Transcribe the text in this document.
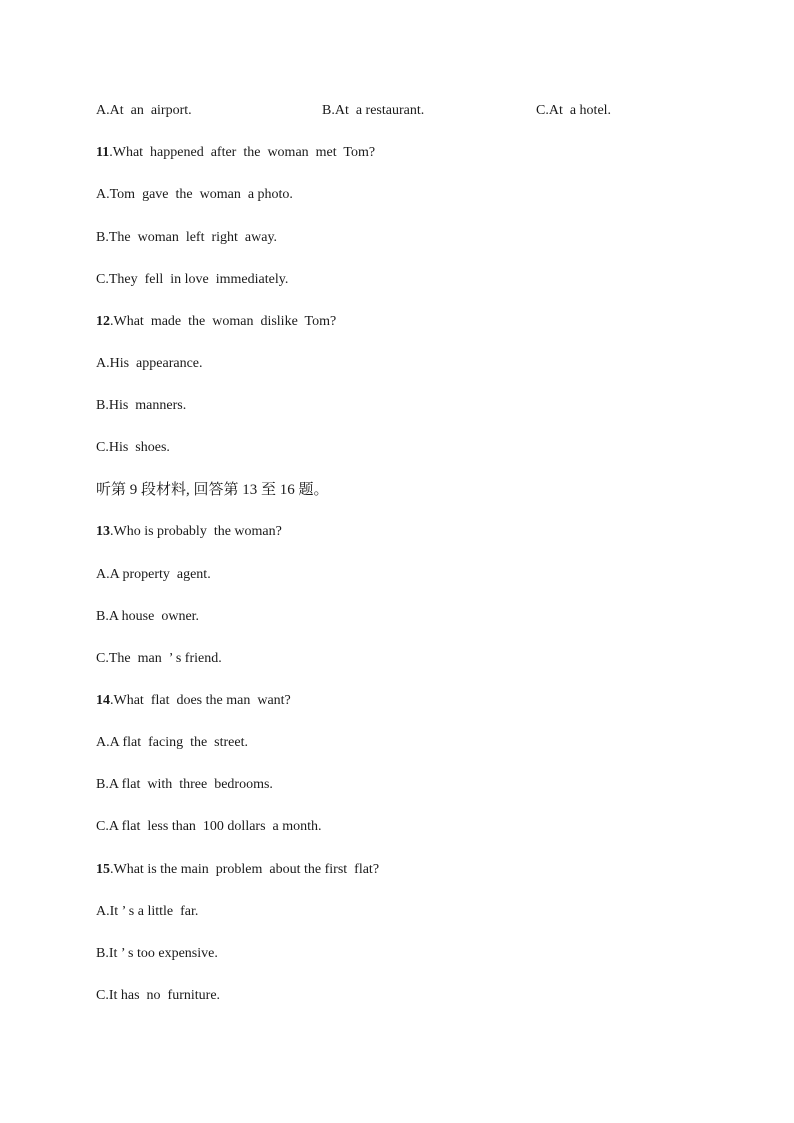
A.At  an  airport.	B.At  a restaurant.	C.At  a hotel.
11.What  happened  after  the  woman  met  Tom?
A.Tom  gave  the  woman  a photo.
B.The  woman  left  right  away.
C.They  fell  in love  immediately.
12.What  made  the  woman  dislike  Tom?
A.His  appearance.
B.His  manners.
C.His  shoes.
听第 9 段材料, 回答第 13 至 16 题。
13.Who is probably  the woman?
A.A property  agent.
B.A house  owner.
C.The  man  ’ s friend.
14.What  flat  does the man  want?
A.A flat  facing  the  street.
B.A flat  with  three  bedrooms.
C.A flat  less than  100 dollars  a month.
15.What is the main  problem  about the first  flat?
A.It ’ s a little  far.
B.It ’ s too expensive.
C.It has  no  furniture.
